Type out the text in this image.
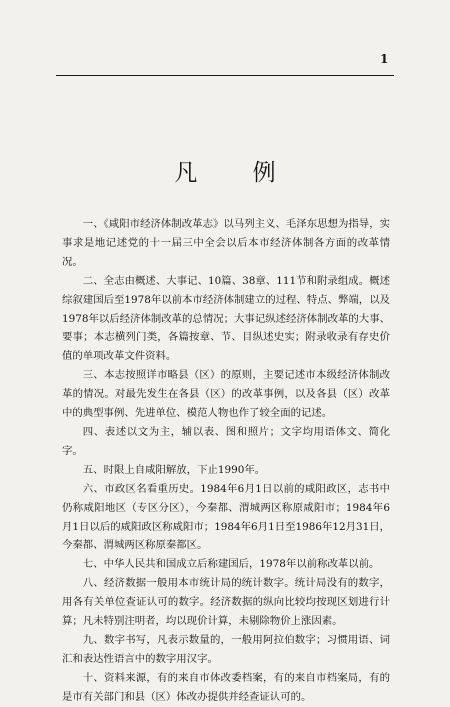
1
凡 例

一、《咸阳市经济体制改革志》以马列主义、毛泽东思想为指导，实事求是地记述党的十一届三中全会以后本市经济体制各方面的改革情况。

二、全志由概述、大事记、10篇、38章、111节和附录组成。概述综叙建国后至1978年以前本市经济体制建立的过程、特点、弊端，以及1978年以后经济体制改革的总情况；大事记纵述经济体制改革的大事、要事；本志横列门类，各篇按章、节、目纵述史实；附录收录有存史价值的单项改革文件资料。

三、本志按照详市略县（区）的原则，主要记述市本级经济体制改革的情况。对最先发生在各县（区）的改革事例，以及各县（区）改革中的典型事例、先进单位、模范人物也作了较全面的记述。

四、表述以文为主，辅以表、图和照片；文字均用语体文、简化字。

五、时限上自咸阳解放，下止1990年。

六、市政区名看重历史。1984年6月1日以前的咸阳政区，志书中仍称咸阳地区（专区分区），今秦都、渭城两区称原咸阳市；1984年6月1日以后的咸阳政区称咸阳市；1984年6月1日至1986年12月31日，今秦都、渭城两区称原秦都区。

七、中华人民共和国成立后称建国后，1978年以前称改革以前。

八、经济数据一般用本市统计局的统计数字。统计局没有的数字，用各有关单位查证认可的数字。经济数据的纵向比较均按现区划进行计算；凡未特别注明者，均以现价计算，未剔除物价上涨因素。

九、数字书写，凡表示数量的，一般用阿拉伯数字；习惯用语、词汇和表达性语言中的数字用汉字。

十、资料来源，有的来自市体改委档案，有的来自市档案局，有的是市有关部门和县（区）体改办提供并经查证认可的。
